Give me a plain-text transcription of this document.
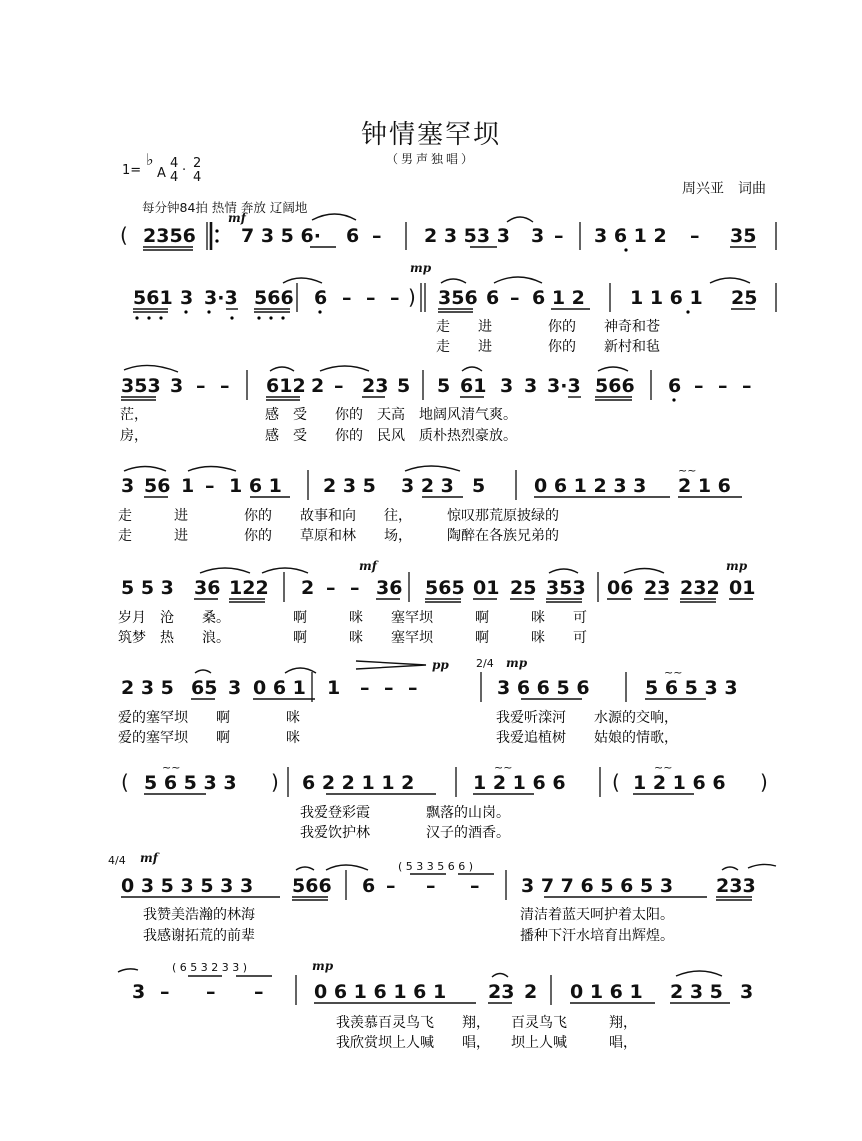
钟情塞罕坝
（男声独唱）
1=
♭
A
4
4 · 2
4
周兴亚　词曲
每分钟84拍 热情 奔放 辽阔地
( 2356
mf
7 3 5 6· 6 – 2 3 53 3 3 – 3 6 1 2 – 35
561 3 3·3 566 6 – – – )
mp
356 6 – 6 1 2 1 1 6 1 25
走　　进　　　　你的　　神奇和苍
走　　进　　　　你的　　新村和毡
353 3 – – 612 2 – 23 5 5 61 3 3 3·3 566 6 – – –
茫，	感　受　　你的　天高　地阔风清气爽。
房，	感　受　　你的　民风　质朴热烈豪放。
3 56 1 – 1 6 1 2 3 5 3 2 3 5	0 6 1 2 3 3
~~
2 1 6
走　　　进　　　　你的　　故事和向　　往，　　　惊叹那荒原披绿的
走　　　进　　　　你的　　草原和林　　场，　　　陶醉在各族兄弟的
5 5 3 36 122 2 – –
mf
36 565 01 25 353 06 23 232
mp
01
岁月　沧　　桑。　　　　　啊　　　咪　　塞罕坝　　　啊　　　咪　　可
筑梦　热　　浪。　　　　　啊　　　咪　　塞罕坝　　　啊　　　咪　　可
2 3 5 65 3 0 6 1 1 – – –
pp 2/4 mp
3 6 6 5 6
~~
5 6 5 3 3
爱的塞罕坝　　啊　　　　咪	我爱听滦河　　水源的交响，
爱的塞罕坝　　啊　　　　咪	我爱追植树　　姑娘的情歌，
(
~~
5 6 5 3 3 ) 6 2 2 1 1 2
~~
1 2 1 6 6 (
~~
1 2 1 6 6 )
我爱登彩霞　　　　飘落的山岗。
我爱饮护林　　　　汉子的酒香。
4/4 mf
0 3 5 3 5 3 3 566 6 – – –
( 5 3 3 5 6 6 )
3 7 7 6 5 6 5 3 233
我赞美浩瀚的林海	清洁着蓝天呵护着太阳。
我感谢拓荒的前辈	播种下汗水培育出辉煌。
3 – – –
( 6 5 3 2 3 3 )	mp
0 6 1 6 1 6 1 23 2 0 1 6 1 2 3 5 3
我羡慕百灵鸟飞　　翔，　　百灵鸟飞　　　翔，
我欣赏坝上人喊　　唱，　　坝上人喊　　　唱，
